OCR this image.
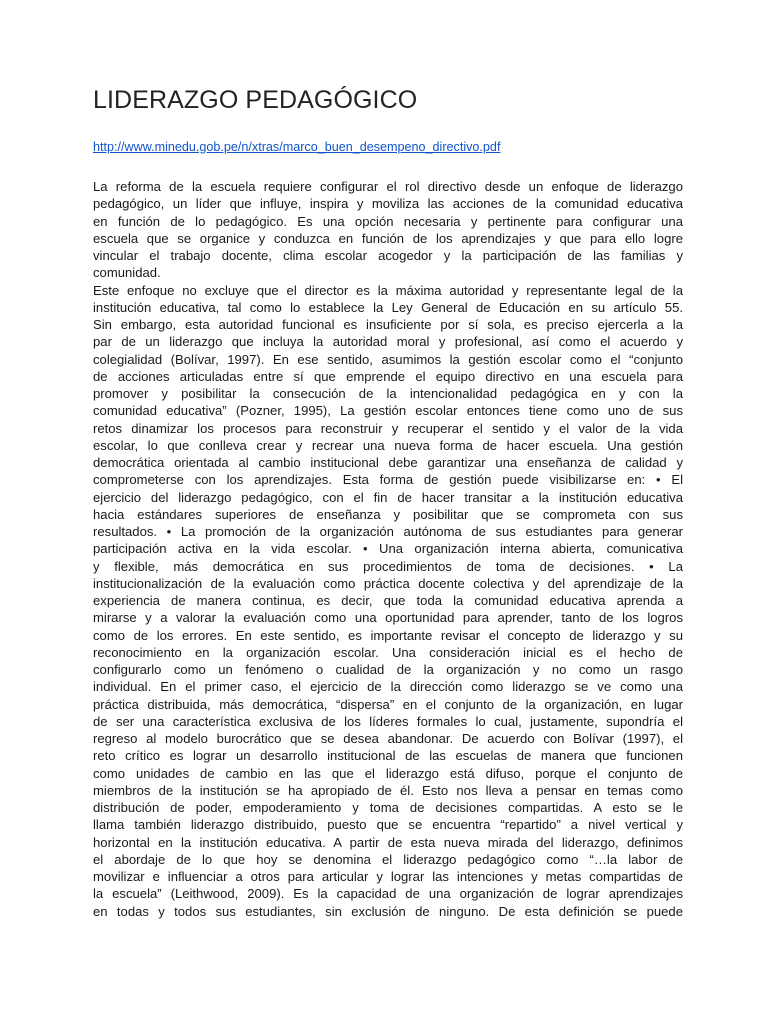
LIDERAZGO PEDAGÓGICO
http://www.minedu.gob.pe/n/xtras/marco_buen_desempeno_directivo.pdf
La reforma de la escuela requiere configurar el rol directivo desde un enfoque de liderazgo
pedagógico, un líder que influye, inspira y moviliza las acciones de la comunidad educativa
en función de lo pedagógico. Es una opción necesaria y pertinente para configurar una
escuela que se organice y conduzca en función de los aprendizajes y que para ello logre
vincular el trabajo docente, clima escolar acogedor y la participación de las familias y
comunidad.
Este enfoque no excluye que el director es la máxima autoridad y representante legal de la
institución educativa, tal como lo establece la Ley General de Educación en su artículo 55.
Sin embargo, esta autoridad funcional es insuficiente por sí sola, es preciso ejercerla a la
par de un liderazgo que incluya la autoridad moral y profesional, así como el acuerdo y
colegialidad (Bolívar, 1997). En ese sentido, asumimos la gestión escolar como el “conjunto
de acciones articuladas entre sí que emprende el equipo directivo en una escuela para
promover y posibilitar la consecución de la intencionalidad pedagógica en y con la
comunidad educativa” (Pozner, 1995), La gestión escolar entonces tiene como uno de sus
retos dinamizar los procesos para reconstruir y recuperar el sentido y el valor de la vida
escolar, lo que conlleva crear y recrear una nueva forma de hacer escuela. Una gestión
democrática orientada al cambio institucional debe garantizar una enseñanza de calidad y
comprometerse con los aprendizajes. Esta forma de gestión puede visibilizarse en: • El
ejercicio del liderazgo pedagógico, con el fin de hacer transitar a la institución educativa
hacia estándares superiores de enseñanza y posibilitar que se comprometa con sus
resultados. • La promoción de la organización autónoma de sus estudiantes para generar
participación activa en la vida escolar. • Una organización interna abierta, comunicativa
y flexible, más democrática en sus procedimientos de toma de decisiones. • La
institucionalización de la evaluación como práctica docente colectiva y del aprendizaje de la
experiencia de manera continua, es decir, que toda la comunidad educativa aprenda a
mirarse y a valorar la evaluación como una oportunidad para aprender, tanto de los logros
como de los errores. En este sentido, es importante revisar el concepto de liderazgo y su
reconocimiento en la organización escolar. Una consideración inicial es el hecho de
configurarlo como un fenómeno o cualidad de la organización y no como un rasgo
individual. En el primer caso, el ejercicio de la dirección como liderazgo se ve como una
práctica distribuida, más democrática, “dispersa” en el conjunto de la organización, en lugar
de ser una característica exclusiva de los líderes formales lo cual, justamente, supondría el
regreso al modelo burocrático que se desea abandonar. De acuerdo con Bolívar (1997), el
reto crítico es lograr un desarrollo institucional de las escuelas de manera que funcionen
como unidades de cambio en las que el liderazgo está difuso, porque el conjunto de
miembros de la institución se ha apropiado de él. Esto nos lleva a pensar en temas como
distribución de poder, empoderamiento y toma de decisiones compartidas. A esto se le
llama también liderazgo distribuido, puesto que se encuentra “repartido” a nivel vertical y
horizontal en la institución educativa. A partir de esta nueva mirada del liderazgo, definimos
el abordaje de lo que hoy se denomina el liderazgo pedagógico como “…la labor de
movilizar e influenciar a otros para articular y lograr las intenciones y metas compartidas de
la escuela” (Leithwood, 2009). Es la capacidad de una organización de lograr aprendizajes
en todas y todos sus estudiantes, sin exclusión de ninguno. De esta definición se puede
